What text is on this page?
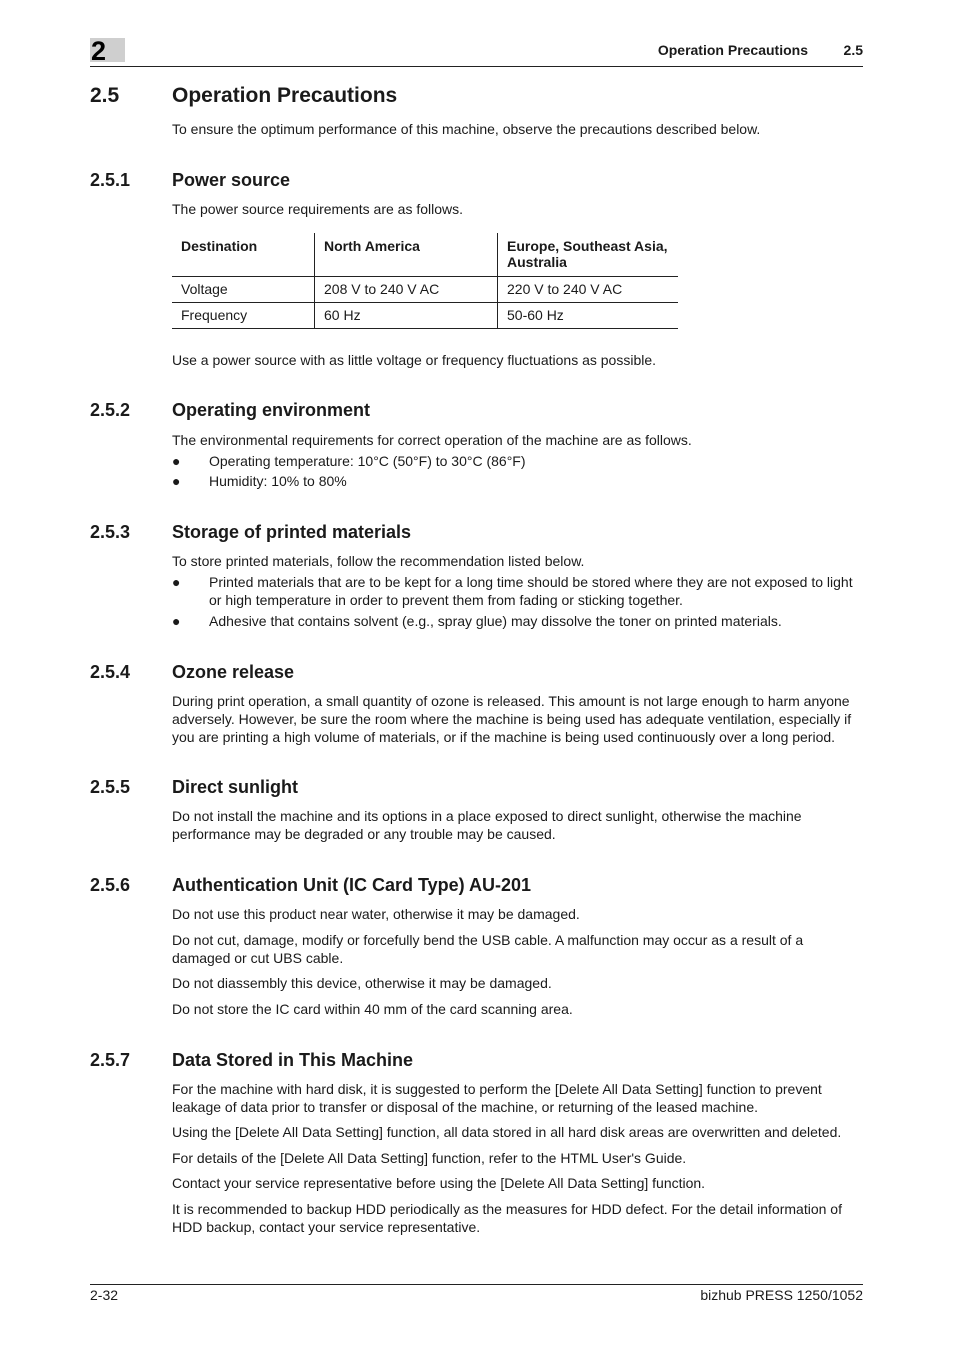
2	Operation Precautions	2.5
2.5	Operation Precautions

To ensure the optimum performance of this machine, observe the precautions described below.

2.5.1 Power source

The power source requirements are as follows.

Destination	North America	Europe, Southeast Asia, Australia
Voltage	208 V to 240 V AC	220 V to 240 V AC
Frequency	60 Hz	50-60 Hz

Use a power source with as little voltage or frequency fluctuations as possible.

2.5.2 Operating environment

The environmental requirements for correct operation of the machine are as follows.

● Operating temperature: 10°C (50°F) to 30°C (86°F)
● Humidity: 10% to 80%
2.5.3 Storage of printed materials

To store printed materials, follow the recommendation listed below.

● Printed materials that are to be kept for a long time should be stored where they are not exposed to light or high temperature in order to prevent them from fading or sticking together.
● Adhesive that contains solvent (e.g., spray glue) may dissolve the toner on printed materials.
2.5.4 Ozone release

During print operation, a small quantity of ozone is released. This amount is not large enough to harm anyone adversely. However, be sure the room where the machine is being used has adequate ventilation, especially if you are printing a high volume of materials, or if the machine is being used continuously over a long period.

2.5.5 Direct sunlight

Do not install the machine and its options in a place exposed to direct sunlight, otherwise the machine performance may be degraded or any trouble may be caused.

2.5.6 Authentication Unit (IC Card Type) AU-201

Do not use this product near water, otherwise it may be damaged.

Do not cut, damage, modify or forcefully bend the USB cable. A malfunction may occur as a result of a damaged or cut UBS cable.

Do not diassembly this device, otherwise it may be damaged.

Do not store the IC card within 40 mm of the card scanning area.

2.5.7 Data Stored in This Machine

For the machine with hard disk, it is suggested to perform the [Delete All Data Setting] function to prevent leakage of data prior to transfer or disposal of the machine, or returning of the leased machine.

Using the [Delete All Data Setting] function, all data stored in all hard disk areas are overwritten and deleted.

For details of the [Delete All Data Setting] function, refer to the HTML User's Guide.

Contact your service representative before using the [Delete All Data Setting] function.

It is recommended to backup HDD periodically as the measures for HDD defect. For the detail information of HDD backup, contact your service representative.

2-32	bizhub PRESS 1250/1052
